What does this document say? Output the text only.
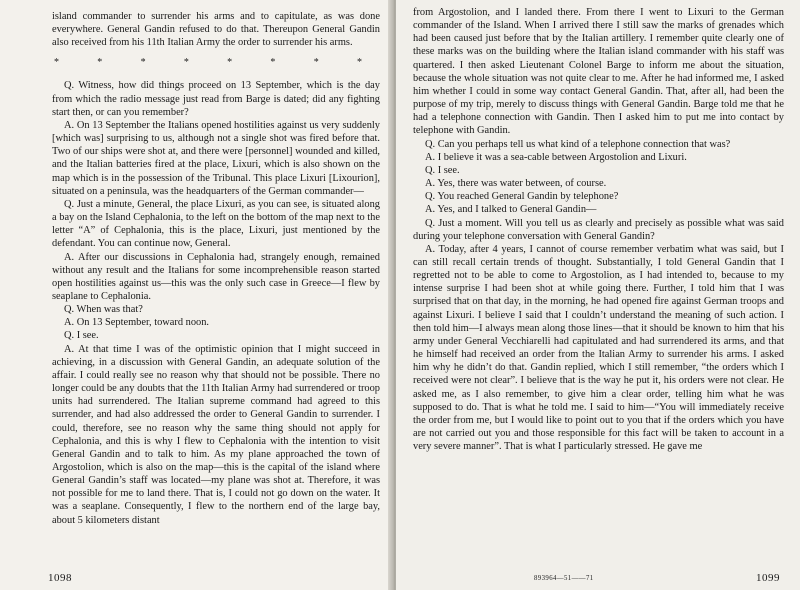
island commander to surrender his arms and to capitulate, as was done everywhere. General Gandin refused to do that. Thereupon General Gandin also received from his 11th Italian Army the order to surrender his arms.

*	*	*	*	*	*	*	*

Q. Witness, how did things proceed on 13 September, which is the day from which the radio message just read from Barge is dated; did any fighting start then, or can you remember?

A. On 13 September the Italians opened hostilities against us very suddenly [which was] surprising to us, although not a single shot was fired before that. Two of our ships were shot at, and there were [personnel] wounded and killed, and the Italian batteries fired at the place, Lixuri, which is also shown on the map which is in the possession of the Tribunal. This place Lixuri [Lixourion], situated on a peninsula, was the headquarters of the German commander—

Q. Just a minute, General, the place Lixuri, as you can see, is situated along a bay on the Island Cephalonia, to the left on the bottom of the map next to the letter “A” of Cephalonia, this is the place, Lixuri, just mentioned by the defendant. You can continue now, General.

A. After our discussions in Cephalonia had, strangely enough, remained without any result and the Italians for some incomprehensible reason started open hostilities against us—this was the only such case in Greece—I flew by seaplane to Cephalonia.

Q. When was that?

A. On 13 September, toward noon.

Q. I see.

A. At that time I was of the optimistic opinion that I might succeed in achieving, in a discussion with General Gandin, an adequate solution of the affair. I could really see no reason why that should not be possible. There no longer could be any doubts that the 11th Italian Army had surrendered or troop units had surrendered. The Italian supreme command had agreed to this surrender, and had also addressed the order to General Gandin to surrender. I could, therefore, see no reason why the same thing should not apply for Cephalonia, and this is why I flew to Cephalonia with the intention to visit General Gandin and to talk to him. As my plane approached the town of Argostolion, which is also on the map—this is the capital of the island where General Gandin’s staff was located—my plane was shot at. Therefore, it was not possible for me to land there. That is, I could not go down on the water. It was a seaplane. Consequently, I flew to the northern end of the large bay, about 5 kilometers distant

1098

from Argostolion, and I landed there. From there I went to Lixuri to the German commander of the Island. When I arrived there I still saw the marks of grenades which had been caused just before that by the Italian artillery. I remember quite clearly one of these marks was on the building where the Italian island commander with his staff was quartered. I then asked Lieutenant Colonel Barge to inform me about the situation, because the whole situation was not quite clear to me. After he had informed me, I asked him whether I could in some way contact General Gandin. That, after all, had been the purpose of my trip, merely to discuss things with General Gandin. Barge told me that he had a telephone connection with Gandin. Then I asked him to put me into contact by telephone with Gandin.

Q. Can you perhaps tell us what kind of a telephone connection that was?

A. I believe it was a sea-cable between Argostolion and Lixuri.

Q. I see.

A. Yes, there was water between, of course.

Q. You reached General Gandin by telephone?

A. Yes, and I talked to General Gandin—

Q. Just a moment. Will you tell us as clearly and precisely as possible what was said during your telephone conversation with General Gandin?

A. Today, after 4 years, I cannot of course remember verbatim what was said, but I can still recall certain trends of thought. Substantially, I told General Gandin that I regretted not to be able to come to Argostolion, as I had intended to, because to my intense surprise I had been shot at while going there. Further, I told him that I was surprised that on that day, in the morning, he had opened fire against German troops and against Lixuri. I believe I said that I couldn’t understand the meaning of such action. I then told him—I always mean along those lines—that it should be known to him that his army under General Vecchiarelli had capitulated and had surrendered its arms, and that he himself had received an order from the Italian Army to surrender his arms. I asked him why he didn’t do that. Gandin replied, which I still remember, “the orders which I received were not clear”. I believe that is the way he put it, his orders were not clear. He asked me, as I also remember, to give him a clear order, telling him what he was supposed to do. That is what he told me. I said to him—“You will immediately receive the order from me, but I would like to point out to you that if the orders which you have are not carried out you and those responsible for this fact will be taken to account in a very severe manner”. That is what I particularly stressed. He gave me

893964—51——71	1099
